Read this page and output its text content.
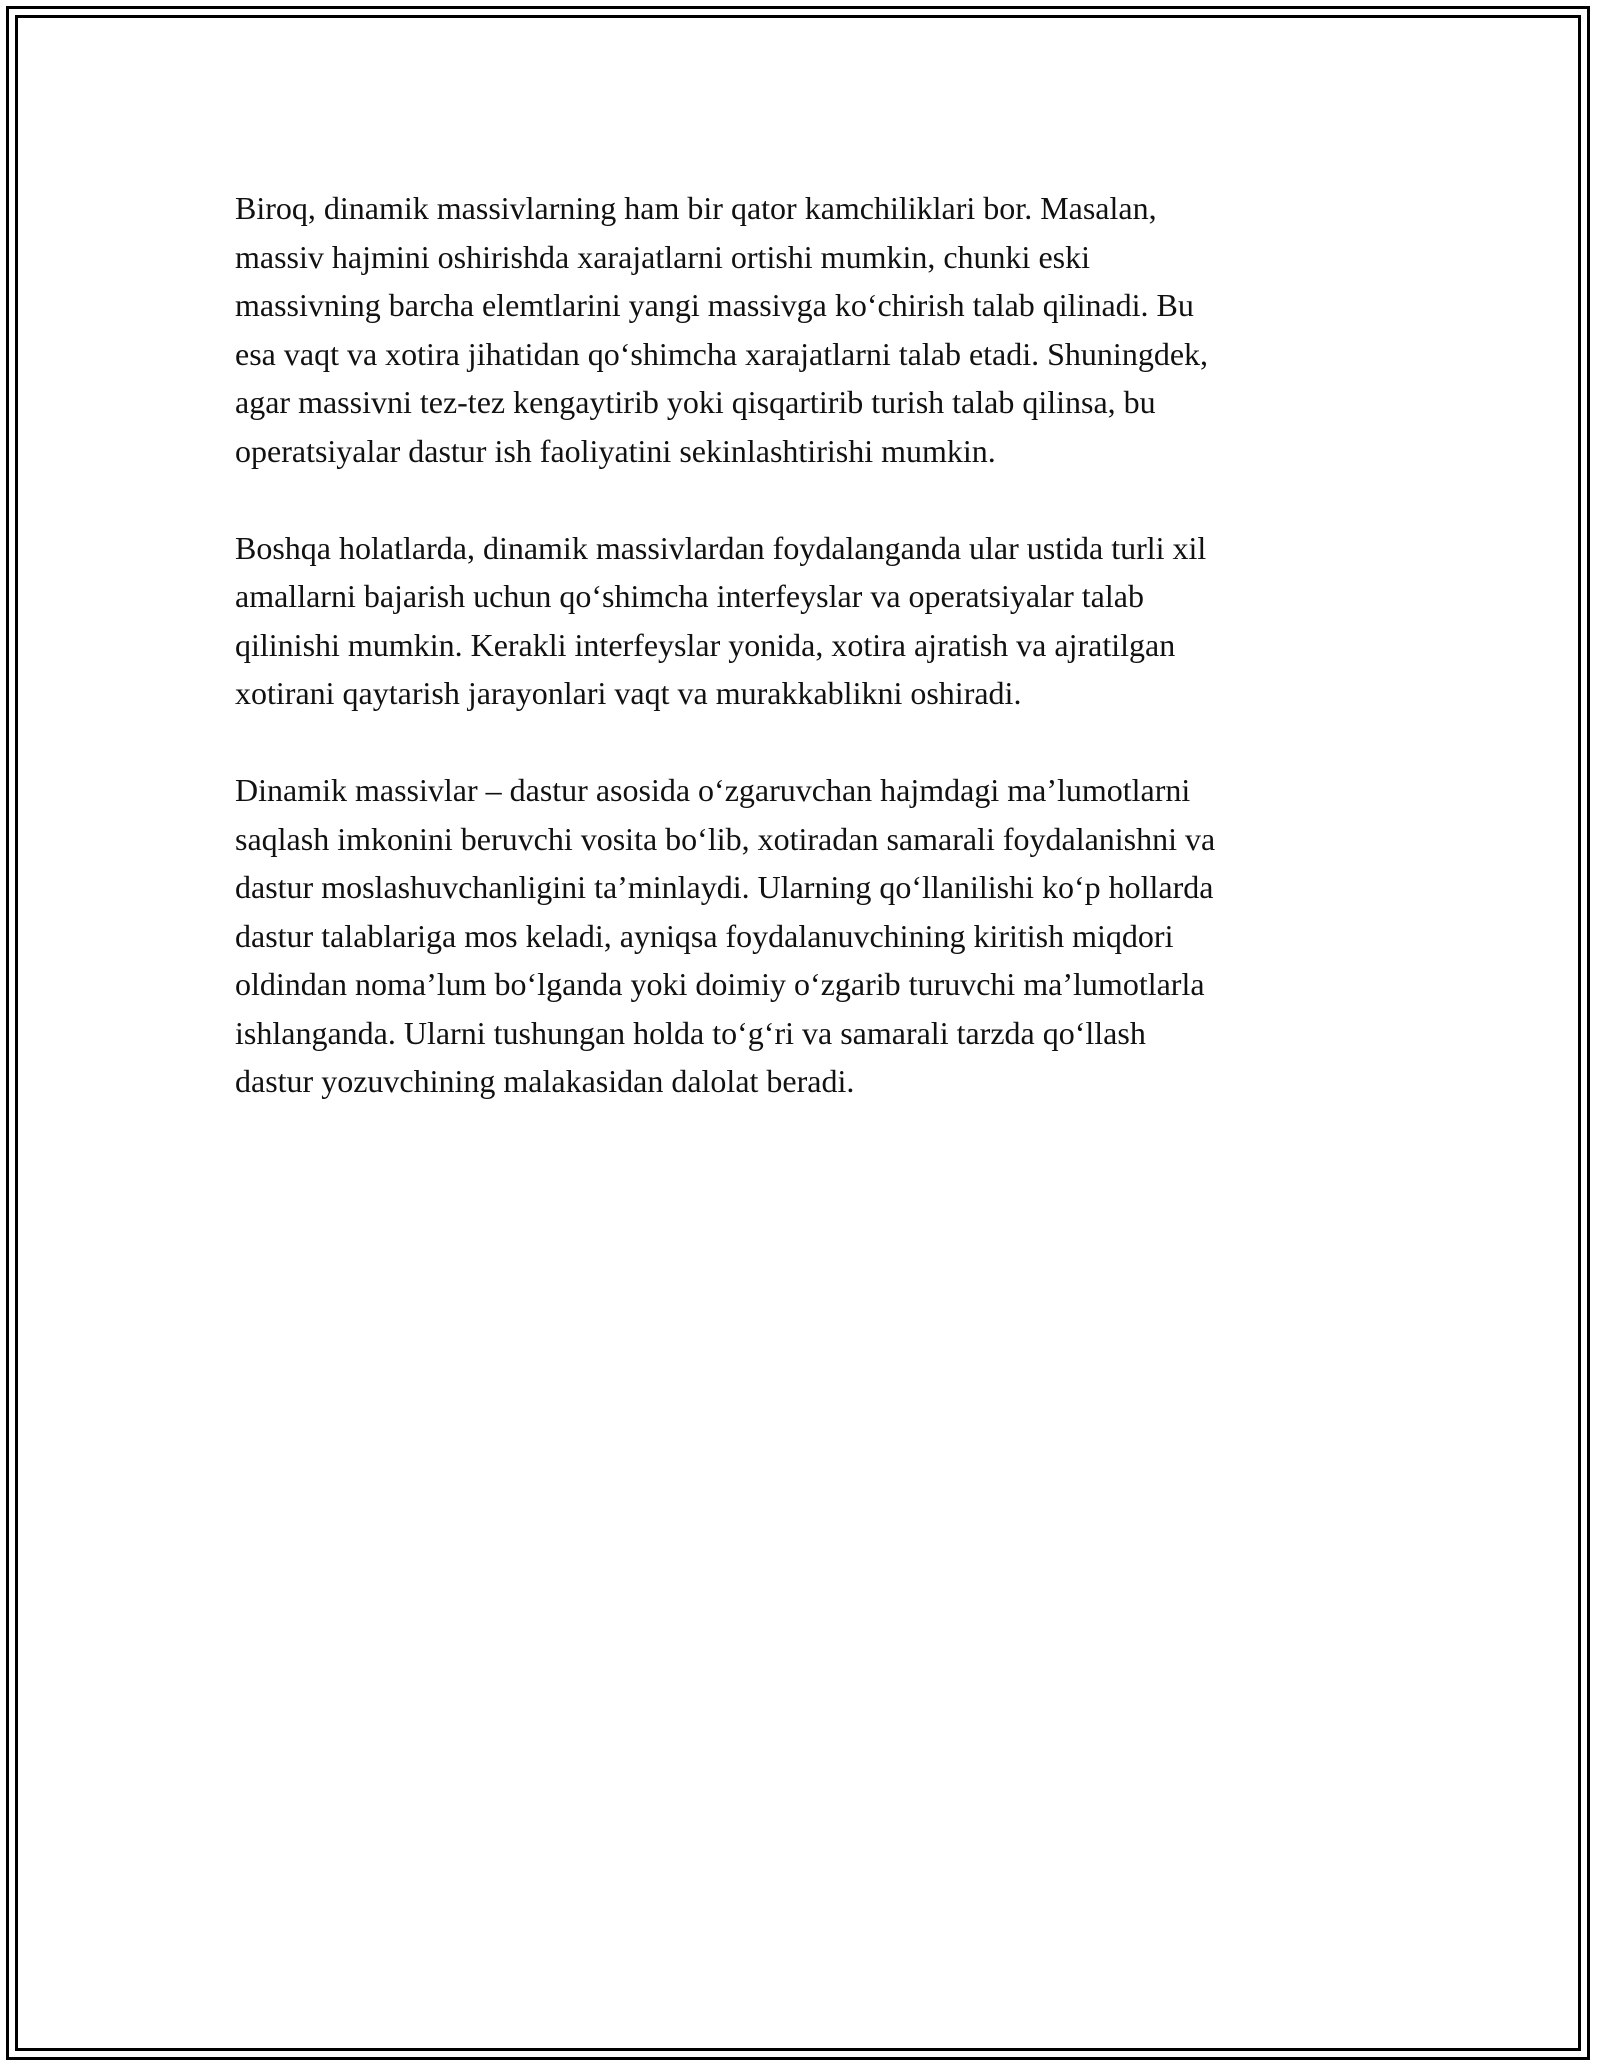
Biroq, dinamik massivlarning ham bir qator kamchiliklari bor. Masalan,
massiv hajmini oshirishda xarajatlarni ortishi mumkin, chunki eski
massivning barcha elemtlarini yangi massivga ko‘chirish talab qilinadi. Bu
esa vaqt va xotira jihatidan qo‘shimcha xarajatlarni talab etadi. Shuningdek,
agar massivni tez-tez kengaytirib yoki qisqartirib turish talab qilinsa, bu
operatsiyalar dastur ish faoliyatini sekinlashtirishi mumkin.

Boshqa holatlarda, dinamik massivlardan foydalanganda ular ustida turli xil
amallarni bajarish uchun qo‘shimcha interfeyslar va operatsiyalar talab
qilinishi mumkin. Kerakli interfeyslar yonida, xotira ajratish va ajratilgan
xotirani qaytarish jarayonlari vaqt va murakkablikni oshiradi.

Dinamik massivlar – dastur asosida o‘zgaruvchan hajmdagi ma’lumotlarni
saqlash imkonini beruvchi vosita bo‘lib, xotiradan samarali foydalanishni va
dastur moslashuvchanligini ta’minlaydi. Ularning qo‘llanilishi ko‘p hollarda
dastur talablariga mos keladi, ayniqsa foydalanuvchining kiritish miqdori
oldindan noma’lum bo‘lganda yoki doimiy o‘zgarib turuvchi ma’lumotlarla
ishlanganda. Ularni tushungan holda to‘g‘ri va samarali tarzda qo‘llash
dastur yozuvchining malakasidan dalolat beradi.
